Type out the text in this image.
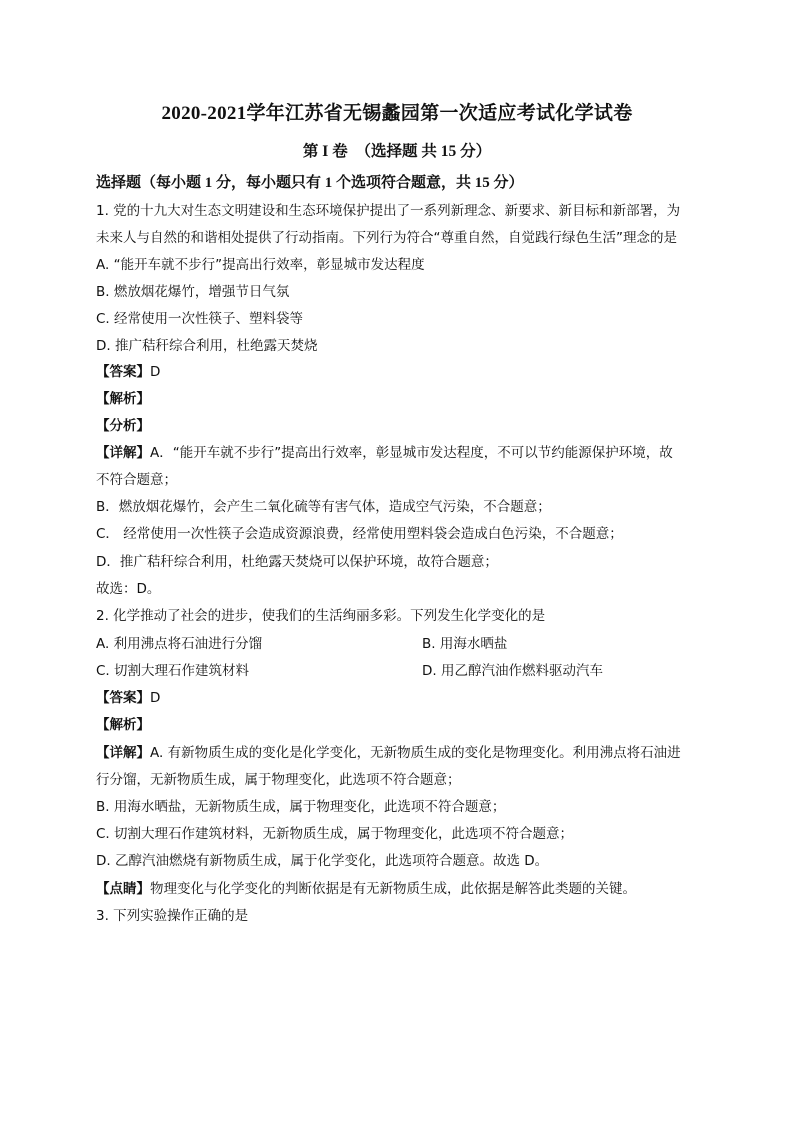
2020-2021学年江苏省无锡蠡园第一次适应考试化学试卷
第 I 卷　（选择题 共 15 分）
选择题（每小题 1 分，每小题只有 1 个选项符合题意，共 15 分）
1. 党的十九大对生态文明建设和生态环境保护提出了一系列新理念、新要求、新目标和新部署，为
未来人与自然的和谐相处提供了行动指南。下列行为符合“尊重自然，自觉践行绿色生活”理念的是
A. “能开车就不步行”提高出行效率，彰显城市发达程度
B. 燃放烟花爆竹，增强节日气氛
C. 经常使用一次性筷子、塑料袋等
D. 推广秸秆综合利用，杜绝露天焚烧
【答案】D
【解析】
【分析】
【详解】A．“能开车就不步行”提高出行效率，彰显城市发达程度，不可以节约能源保护环境，故
不符合题意；
B．燃放烟花爆竹，会产生二氧化硫等有害气体，造成空气污染，不合题意；
C． 经常使用一次性筷子会造成资源浪费，经常使用塑料袋会造成白色污染，不合题意；
D．推广秸秆综合利用，杜绝露天焚烧可以保护环境，故符合题意；
故选：D。
2. 化学推动了社会的进步，使我们的生活绚丽多彩。下列发生化学变化的是
A. 利用沸点将石油进行分馏	B. 用海水晒盐
C. 切割大理石作建筑材料	D. 用乙醇汽油作燃料驱动汽车
【答案】D
【解析】
【详解】A. 有新物质生成的变化是化学变化，无新物质生成的变化是物理变化。利用沸点将石油进
行分馏，无新物质生成，属于物理变化，此选项不符合题意；
B. 用海水晒盐，无新物质生成，属于物理变化，此选项不符合题意；
C. 切割大理石作建筑材料，无新物质生成，属于物理变化，此选项不符合题意；
D. 乙醇汽油燃烧有新物质生成，属于化学变化，此选项符合题意。故选 D。
【点睛】物理变化与化学变化的判断依据是有无新物质生成，此依据是解答此类题的关键。
3. 下列实验操作正确的是
